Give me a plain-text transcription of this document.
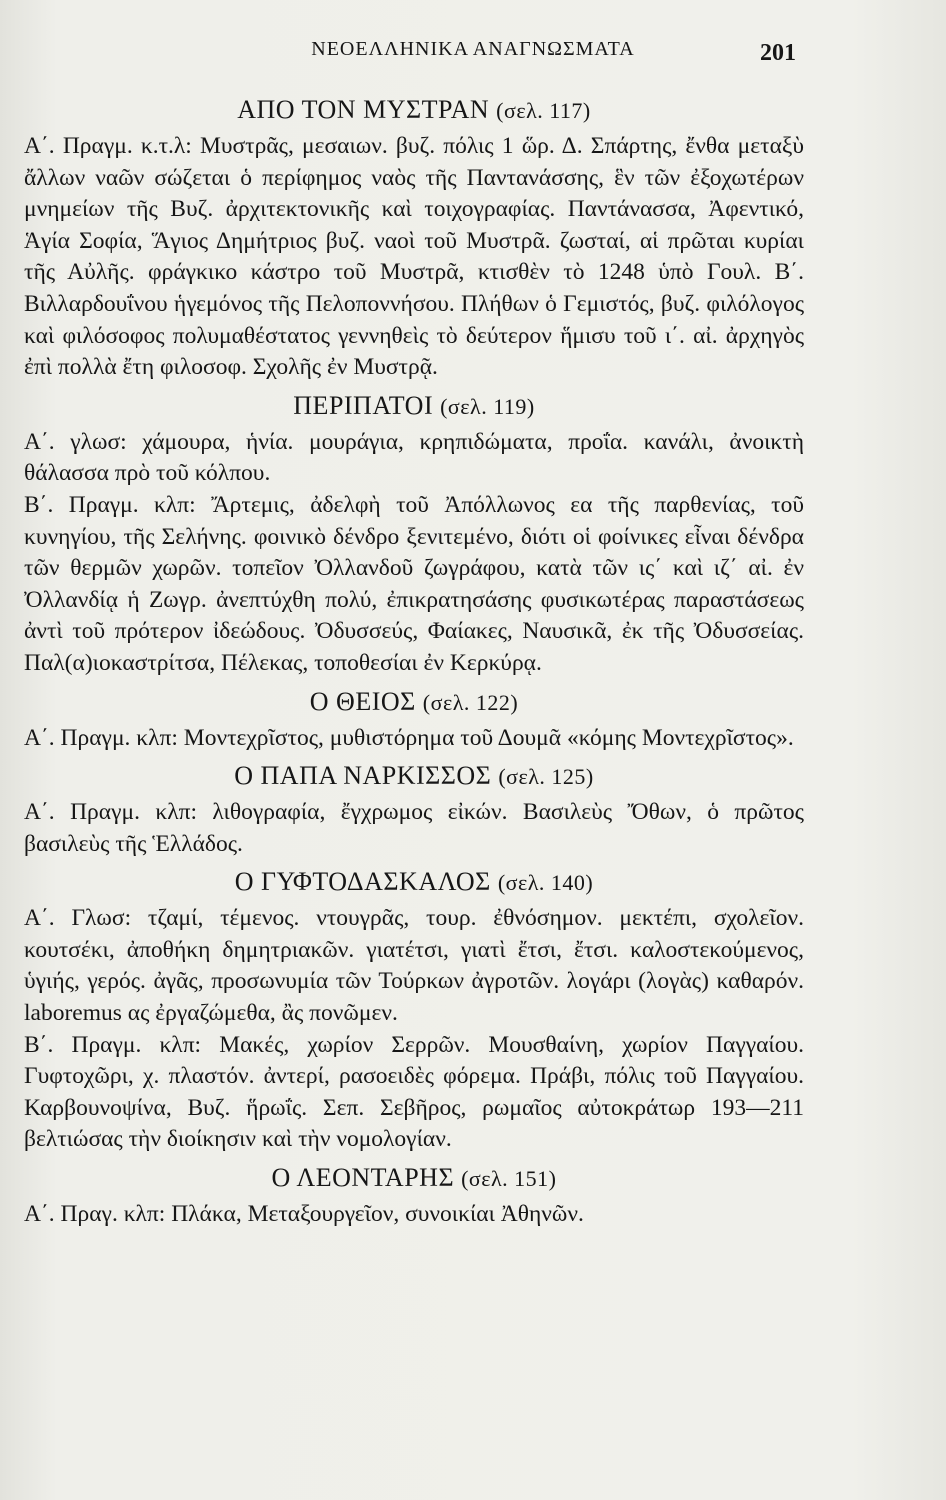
ΝΕΟΕΛΛΗΝΙΚΑ ΑΝΑΓΝΩΣΜΑΤΑ	201
ΑΠΟ ΤΟΝ ΜΥΣΤΡΑΝ (σελ. 117)

Α΄. Πραγμ. κ.τ.λ: Μυστρᾶς, μεσαιων. βυζ. πόλις 1 ὥρ. Δ. Σπάρτης, ἔνθα μεταξὺ ἄλλων ναῶν σώζεται ὁ περίφημος ναὸς τῆς Παντανάσσης, ἓν τῶν ἐξοχωτέρων μνημείων τῆς Βυζ. ἀρχιτεκτονικῆς καὶ τοιχογραφίας. Παντάνασσα, Ἀφεντικό, Ἁγία Σοφία, Ἅγιος Δημήτριος βυζ. ναοὶ τοῦ Μυστρᾶ. ζωσταί, αἱ πρῶται κυρίαι τῆς Αὐλῆς. φράγκικο κάστρο τοῦ Μυστρᾶ, κτισθὲν τὸ 1248 ὑπὸ Γουλ. Β΄. Βιλλαρδουΐνου ἡγεμόνος τῆς Πελοποννήσου. Πλήθων ὁ Γεμιστός, βυζ. φιλόλογος καὶ φιλόσοφος πολυμαθέστατος γεννηθεὶς τὸ δεύτερον ἥμισυ τοῦ ι΄. αἰ. ἀρχηγὸς ἐπὶ πολλὰ ἔτη φιλοσοφ. Σχολῆς ἐν Μυστρᾷ.

ΠΕΡΙΠΑΤΟΙ (σελ. 119)

Α΄. γλωσ: χάμουρα, ἡνία. μουράγια, κρηπιδώματα, προΐα. κανάλι, ἀνοικτὴ θάλασσα πρὸ τοῦ κόλπου.

Β΄. Πραγμ. κλπ: Ἄρτεμις, ἀδελφὴ τοῦ Ἀπόλλωνος εα τῆς παρθενίας, τοῦ κυνηγίου, τῆς Σελήνης. φοινικὸ δένδρο ξενιτεμένο, διότι οἱ φοίνικες εἶναι δένδρα τῶν θερμῶν χωρῶν. τοπεῖον Ὀλλανδοῦ ζωγράφου, κατὰ τῶν ις΄ καὶ ιζ΄ αἰ. ἐν Ὀλλανδίᾳ ἡ Ζωγρ. ἀνεπτύχθη πολύ, ἐπικρατησάσης φυσικωτέρας παραστάσεως ἀντὶ τοῦ πρότερον ἰδεώδους. Ὀδυσσεύς, Φαίακες, Ναυσικᾶ, ἐκ τῆς Ὀδυσσείας. Παλ(α)ιοκαστρίτσα, Πέλεκας, τοποθεσίαι ἐν Κερκύρᾳ.

Ο ΘΕΙΟΣ (σελ. 122)

Α΄. Πραγμ. κλπ: Μοντεχρῖστος, μυθιστόρημα τοῦ Δουμᾶ «κόμης Μοντεχρῖστος».

Ο ΠΑΠΑ ΝΑΡΚΙΣΣΟΣ (σελ. 125)

Α΄. Πραγμ. κλπ: λιθογραφία, ἔγχρωμος εἰκών. Βασιλεὺς Ὄθων, ὁ πρῶτος βασιλεὺς τῆς Ἑλλάδος.

Ο ΓΥΦΤΟΔΑΣΚΑΛΟΣ (σελ. 140)

Α΄. Γλωσ: τζαμί, τέμενος. ντουγρᾶς, τουρ. ἐθνόσημον. μεκτέπι, σχολεῖον. κουτσέκι, ἀποθήκη δημητριακῶν. γιατέτσι, γιατὶ ἔτσι, ἔτσι. καλοστεκούμενος, ὑγιής, γερός. ἀγᾶς, προσωνυμία τῶν Τούρκων ἀγροτῶν. λογάρι (λογὰς) καθαρόν. laboremus ας ἐργαζώμεθα, ἂς πονῶμεν.

Β΄. Πραγμ. κλπ: Μακές, χωρίον Σερρῶν. Μουσθαίνη, χωρίον Παγγαίου. Γυφτοχῶρι, χ. πλαστόν. ἀντερί, ρασοειδὲς φόρεμα. Πράβι, πόλις τοῦ Παγγαίου. Καρβουνοψίνα, Βυζ. ἥρωΐς. Σεπ. Σεβῆρος, ρωμαῖος αὐτοκράτωρ 193—211 βελτιώσας τὴν διοίκησιν καὶ τὴν νομολογίαν.

Ο ΛΕΟΝΤΑΡΗΣ (σελ. 151)

Α΄. Πραγ. κλπ: Πλάκα, Μεταξουργεῖον, συνοικίαι Ἀθηνῶν.
